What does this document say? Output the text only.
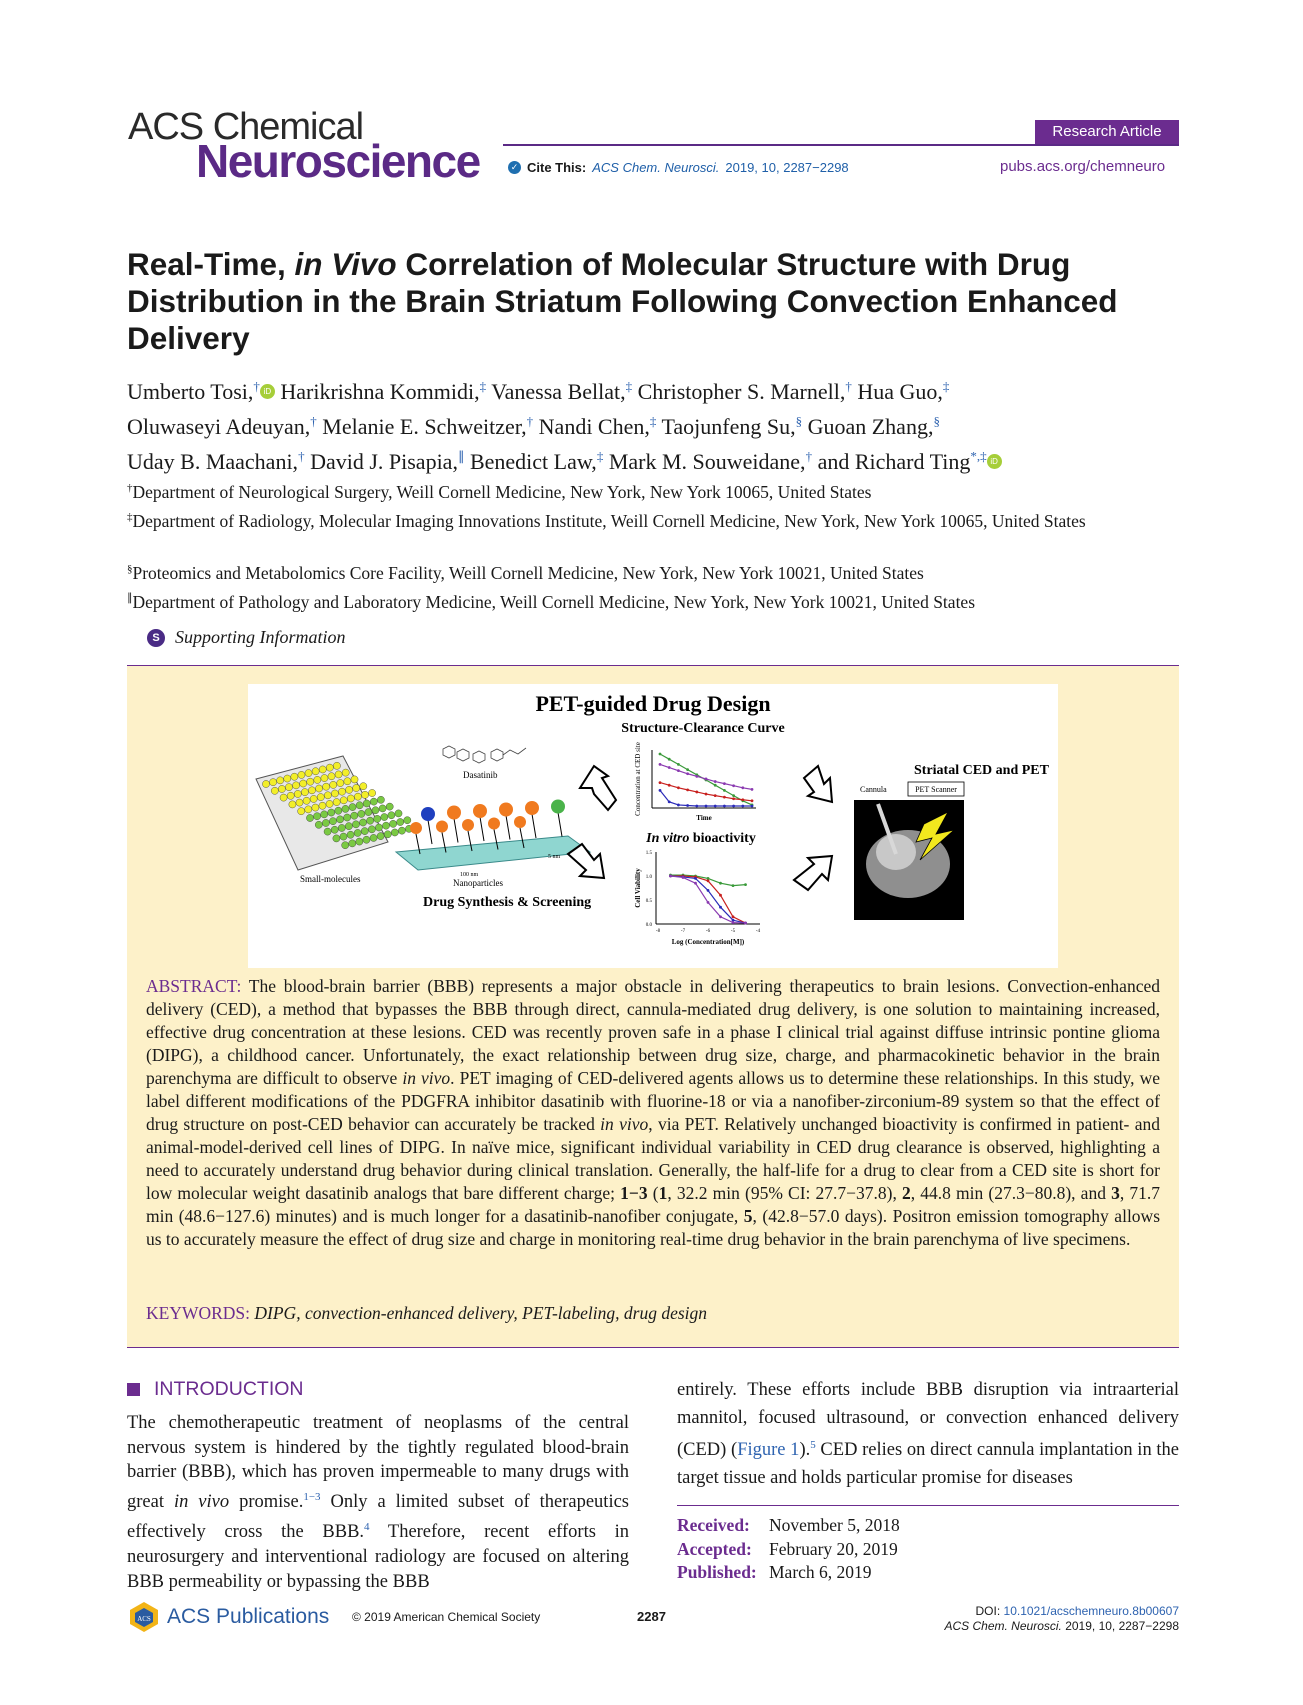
ACS Chemical
Neuroscience
Research Article
✓ Cite This: ACS Chem. Neurosci. 2019, 10, 2287−2298	pubs.acs.org/chemneuro
Real-Time, in Vivo Correlation of Molecular Structure with Drug Distribution in the Brain Striatum Following Convection Enhanced Delivery
Umberto Tosi,† iD Harikrishna Kommidi,‡ Vanessa Bellat,‡ Christopher S. Marnell,† Hua Guo,‡
Oluwaseyi Adeuyan,† Melanie E. Schweitzer,† Nandi Chen,‡ Taojunfeng Su,§ Guoan Zhang,§
Uday B. Maachani,† David J. Pisapia,∥ Benedict Law,‡ Mark M. Souweidane,† and Richard Ting*,‡ iD
†Department of Neurological Surgery, Weill Cornell Medicine, New York, New York 10065, United States
‡Department of Radiology, Molecular Imaging Innovations Institute, Weill Cornell Medicine, New York, New York 10065, United States
§Proteomics and Metabolomics Core Facility, Weill Cornell Medicine, New York, New York 10021, United States
∥Department of Pathology and Laboratory Medicine, Weill Cornell Medicine, New York, New York 10021, United States
S Supporting Information
PET-guided Drug Design
Small-molecules
Dasatinib
100 nm
5 nm
Nanoparticles
Drug Synthesis & Screening
Structure-Clearance Curve
Concentration at CED site
Time
In vitro bioactivity
1.5
1.0
0.5
0.0
-8	-7	-6	-5	-4
Cell Viability
Log (Concentration[M])
Striatal CED and PET
Cannula	PET Scanner
ABSTRACT: The blood-brain barrier (BBB) represents a major obstacle in delivering therapeutics to brain lesions. Convection-enhanced delivery (CED), a method that bypasses the BBB through direct, cannula-mediated drug delivery, is one solution to maintaining increased, effective drug concentration at these lesions. CED was recently proven safe in a phase I clinical trial against diffuse intrinsic pontine glioma (DIPG), a childhood cancer. Unfortunately, the exact relationship between drug size, charge, and pharmacokinetic behavior in the brain parenchyma are difficult to observe in vivo. PET imaging of CED-delivered agents allows us to determine these relationships. In this study, we label different modifications of the PDGFRA inhibitor dasatinib with fluorine-18 or via a nanofiber-zirconium-89 system so that the effect of drug structure on post-CED behavior can accurately be tracked in vivo, via PET. Relatively unchanged bioactivity is confirmed in patient- and animal-model-derived cell lines of DIPG. In naïve mice, significant individual variability in CED drug clearance is observed, highlighting a need to accurately understand drug behavior during clinical translation. Generally, the half-life for a drug to clear from a CED site is short for low molecular weight dasatinib analogs that bare different charge; 1−3 (1, 32.2 min (95% CI: 27.7−37.8), 2, 44.8 min (27.3−80.8), and 3, 71.7 min (48.6−127.6) minutes) and is much longer for a dasatinib-nanofiber conjugate, 5, (42.8−57.0 days). Positron emission tomography allows us to accurately measure the effect of drug size and charge in monitoring real-time drug behavior in the brain parenchyma of live specimens.
KEYWORDS: DIPG, convection-enhanced delivery, PET-labeling, drug design
INTRODUCTION
The chemotherapeutic treatment of neoplasms of the central nervous system is hindered by the tightly regulated blood-brain barrier (BBB), which has proven impermeable to many drugs with great in vivo promise.$^{1-3}$ Only a limited subset of therapeutics effectively cross the BBB.$^4$ Therefore, recent efforts in neurosurgery and interventional radiology are focused on altering BBB permeability or bypassing the BBB
entirely. These efforts include BBB disruption via intraarterial mannitol, focused ultrasound, or convection enhanced delivery (CED) (Figure 1).$^5$ CED relies on direct cannula implantation in the target tissue and holds particular promise for diseases
Received:	November 5, 2018
Accepted: February 20, 2019
Published: March 6, 2019
ACS ACS Publications © 2019 American Chemical Society	2287	DOI: 10.1021/acschemneuro.8b00607
ACS Chem. Neurosci. 2019, 10, 2287−2298
